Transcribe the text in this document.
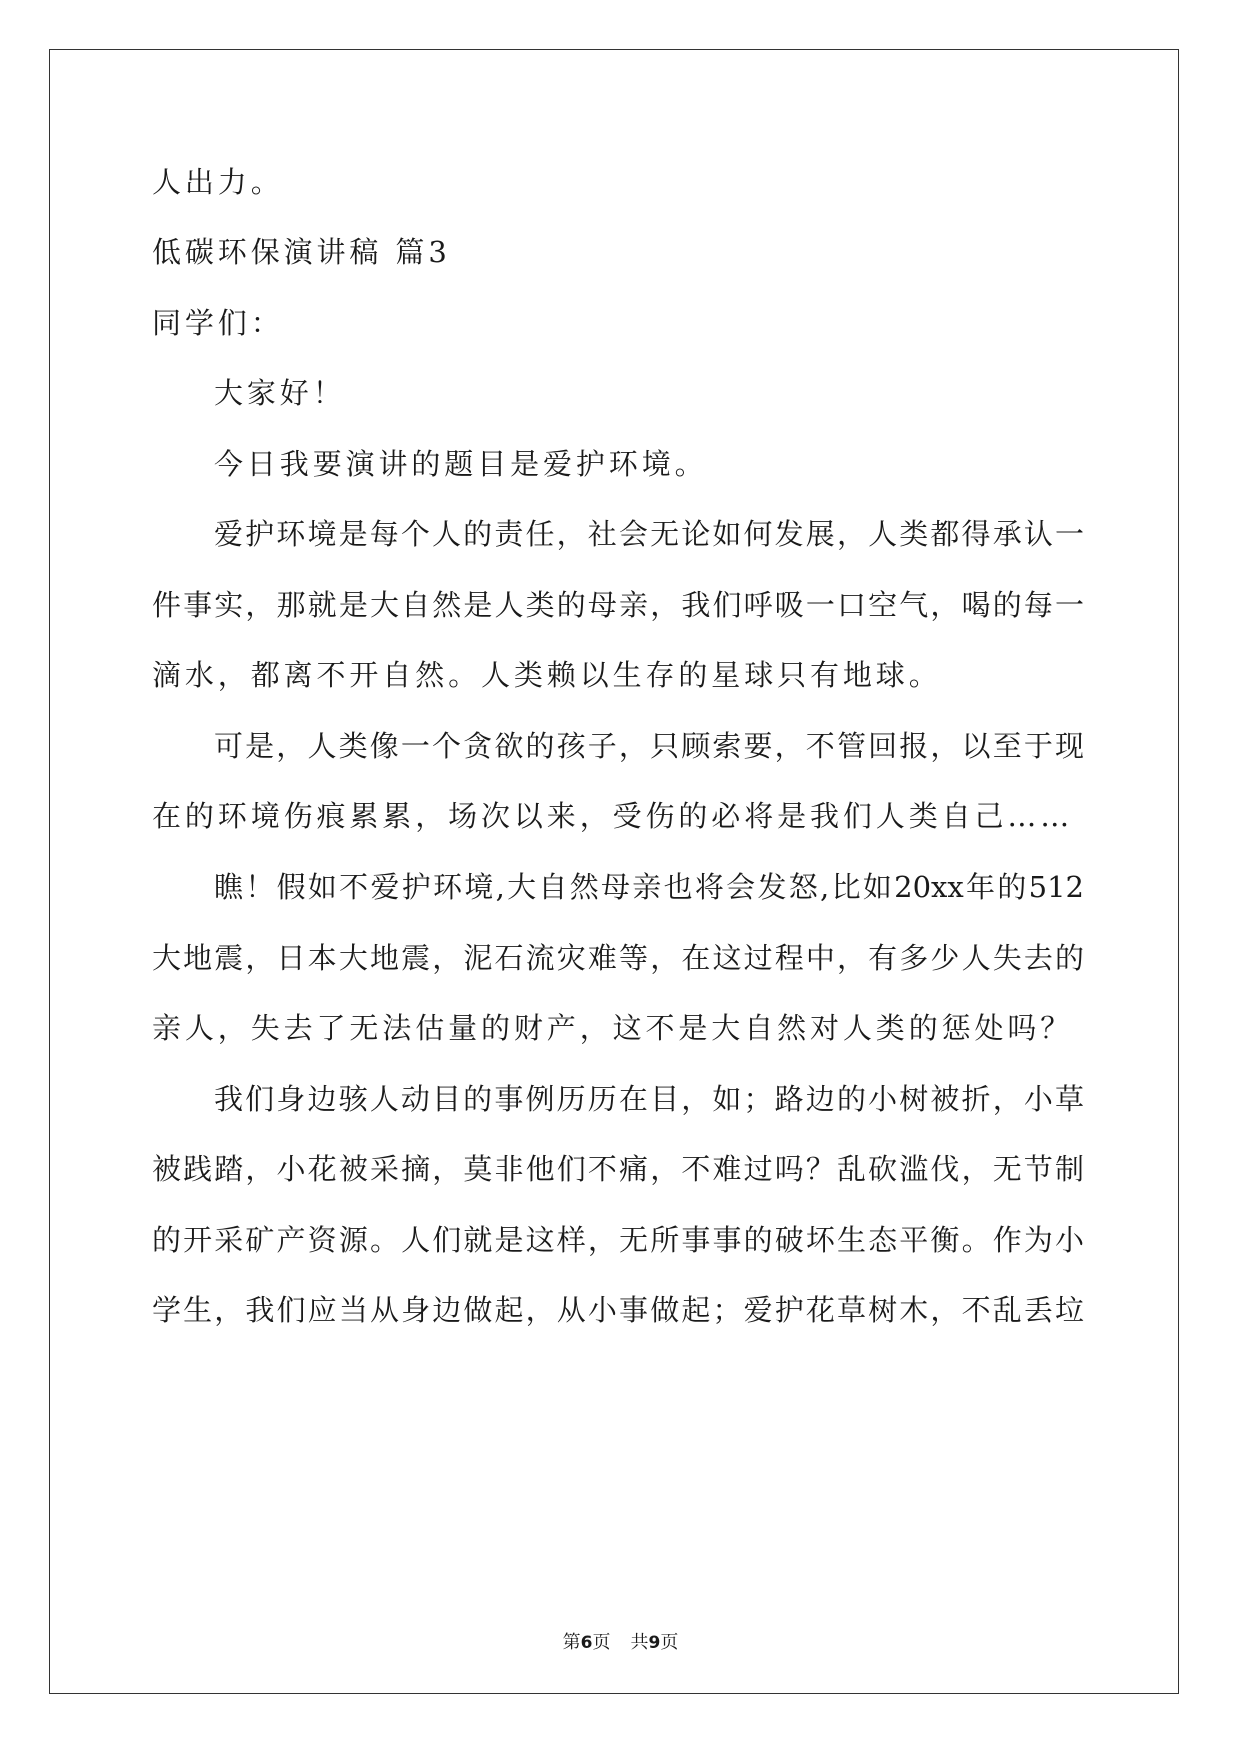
人出力。

低碳环保演讲稿 篇3

同学们：

大家好！

今日我要演讲的题目是爱护环境。

爱护环境是每个人的责任，社会无论如何发展，人类都得承认一

件事实，那就是大自然是人类的母亲，我们呼吸一口空气，喝的每一

滴水，都离不开自然。人类赖以生存的星球只有地球。

可是，人类像一个贪欲的孩子，只顾索要，不管回报，以至于现

在的环境伤痕累累，场次以来，受伤的必将是我们人类自己……

瞧！假如不爱护环境,大自然母亲也将会发怒,比如20xx年的512

大地震，日本大地震，泥石流灾难等，在这过程中，有多少人失去的

亲人，失去了无法估量的财产，这不是大自然对人类的惩处吗？

我们身边骇人动目的事例历历在目，如；路边的小树被折，小草

被践踏，小花被采摘，莫非他们不痛，不难过吗？乱砍滥伐，无节制

的开采矿产资源。人们就是这样，无所事事的破坏生态平衡。作为小

学生，我们应当从身边做起，从小事做起；爱护花草树木，不乱丢垃

第6页 共9页
